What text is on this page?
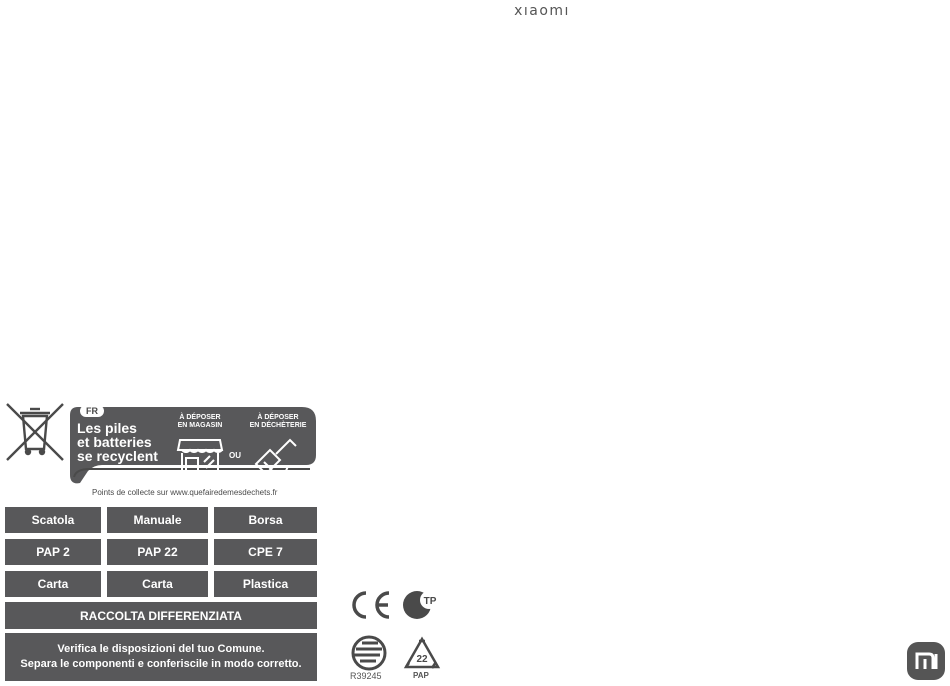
xıaomı
FR
Les piles
et batteries
se recyclent
À DÉPOSER
EN MAGASIN
À DÉPOSER
EN DÉCHÈTERIE
OU
Points de collecte sur www.quefairedemesdechets.fr
Scatola	Manuale	Borsa
PAP 2	PAP 22	CPE 7
Carta	Carta	Plastica
RACCOLTA DIFFERENZIATA
Verifica le disposizioni del tuo Comune.
Separa le componenti e conferiscile in modo corretto.
TP
R39245
22
PAP
